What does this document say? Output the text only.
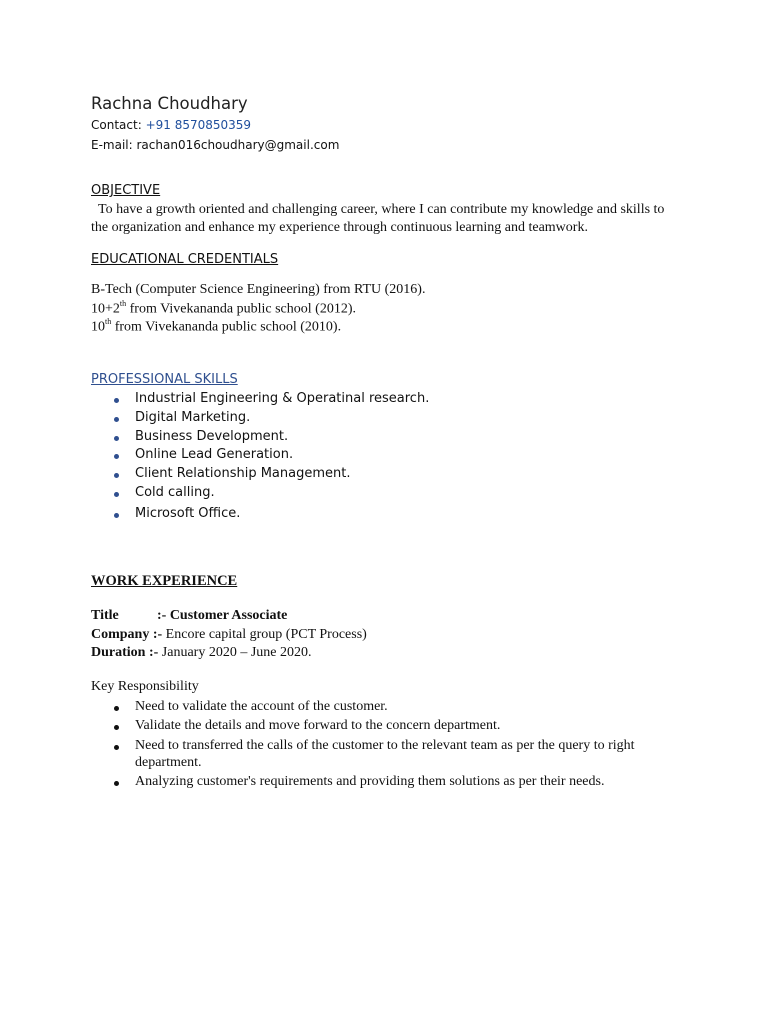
Rachna Choudhary
Contact: +91 8570850359
E-mail: rachan016choudhary@gmail.com
OBJECTIVE
To have a growth oriented and challenging career, where I can contribute my knowledge and skills to the organization and enhance my experience through continuous learning and teamwork.
EDUCATIONAL CREDENTIALS
B-Tech (Computer Science Engineering) from RTU (2016).
10+2th from Vivekananda public school (2012).
10th from Vivekananda public school (2010).
PROFESSIONAL SKILLS
Industrial Engineering & Operatinal research.
Digital Marketing.
Business Development.
Online Lead Generation.
Client Relationship Management.
Cold calling.
Microsoft Office.
WORK EXPERIENCE
Title	:- Customer Associate
Company :- Encore capital group (PCT Process)
Duration :- January 2020 – June 2020.
Key Responsibility
Need to validate the account of the customer.
Validate the details and move forward to the concern department.
Need to transferred the calls of the customer to the relevant team as per the query to right department.
Analyzing customer's requirements and providing them solutions as per their needs.
